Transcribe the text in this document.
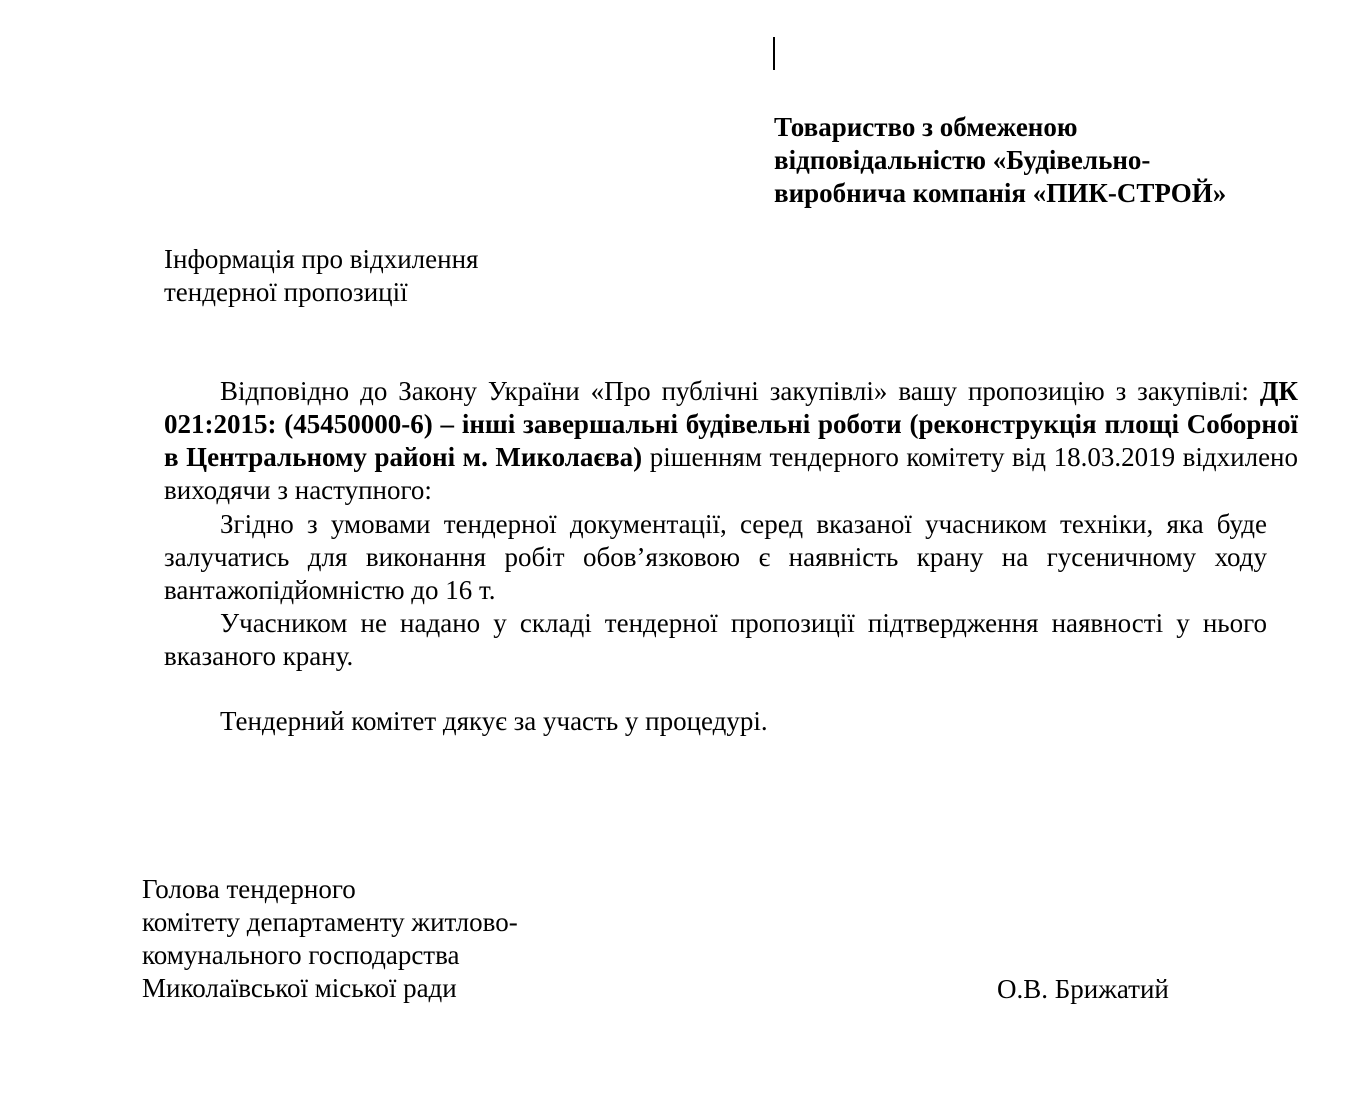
Товариство з обмеженою
відповідальністю «Будівельно-
виробнича компанія «ПИК-СТРОЙ»
Інформація про відхилення
тендерної пропозиції

Відповідно до Закону України «Про публічні закупівлі» вашу пропозицію з закупівлі: ДК 021:2015: (45450000-6) – інші завершальні будівельні роботи (реконструкція площі Соборної в Центральному районі м. Миколаєва) рішенням тендерного комітету від 18.03.2019 відхилено виходячи з наступного:

Згідно з умовами тендерної документації, серед вказаної учасником техніки, яка буде залучатись для виконання робіт обов’язковою є наявність крану на гусеничному ходу вантажопідйомністю до 16 т.

Учасником не надано у складі тендерної пропозиції підтвердження наявності у нього вказаного крану.

Тендерний комітет дякує за участь у процедурі.
Голова тендерного
комітету департаменту житлово-
комунального господарства
Миколаївської міської ради	О.В. Брижатий
